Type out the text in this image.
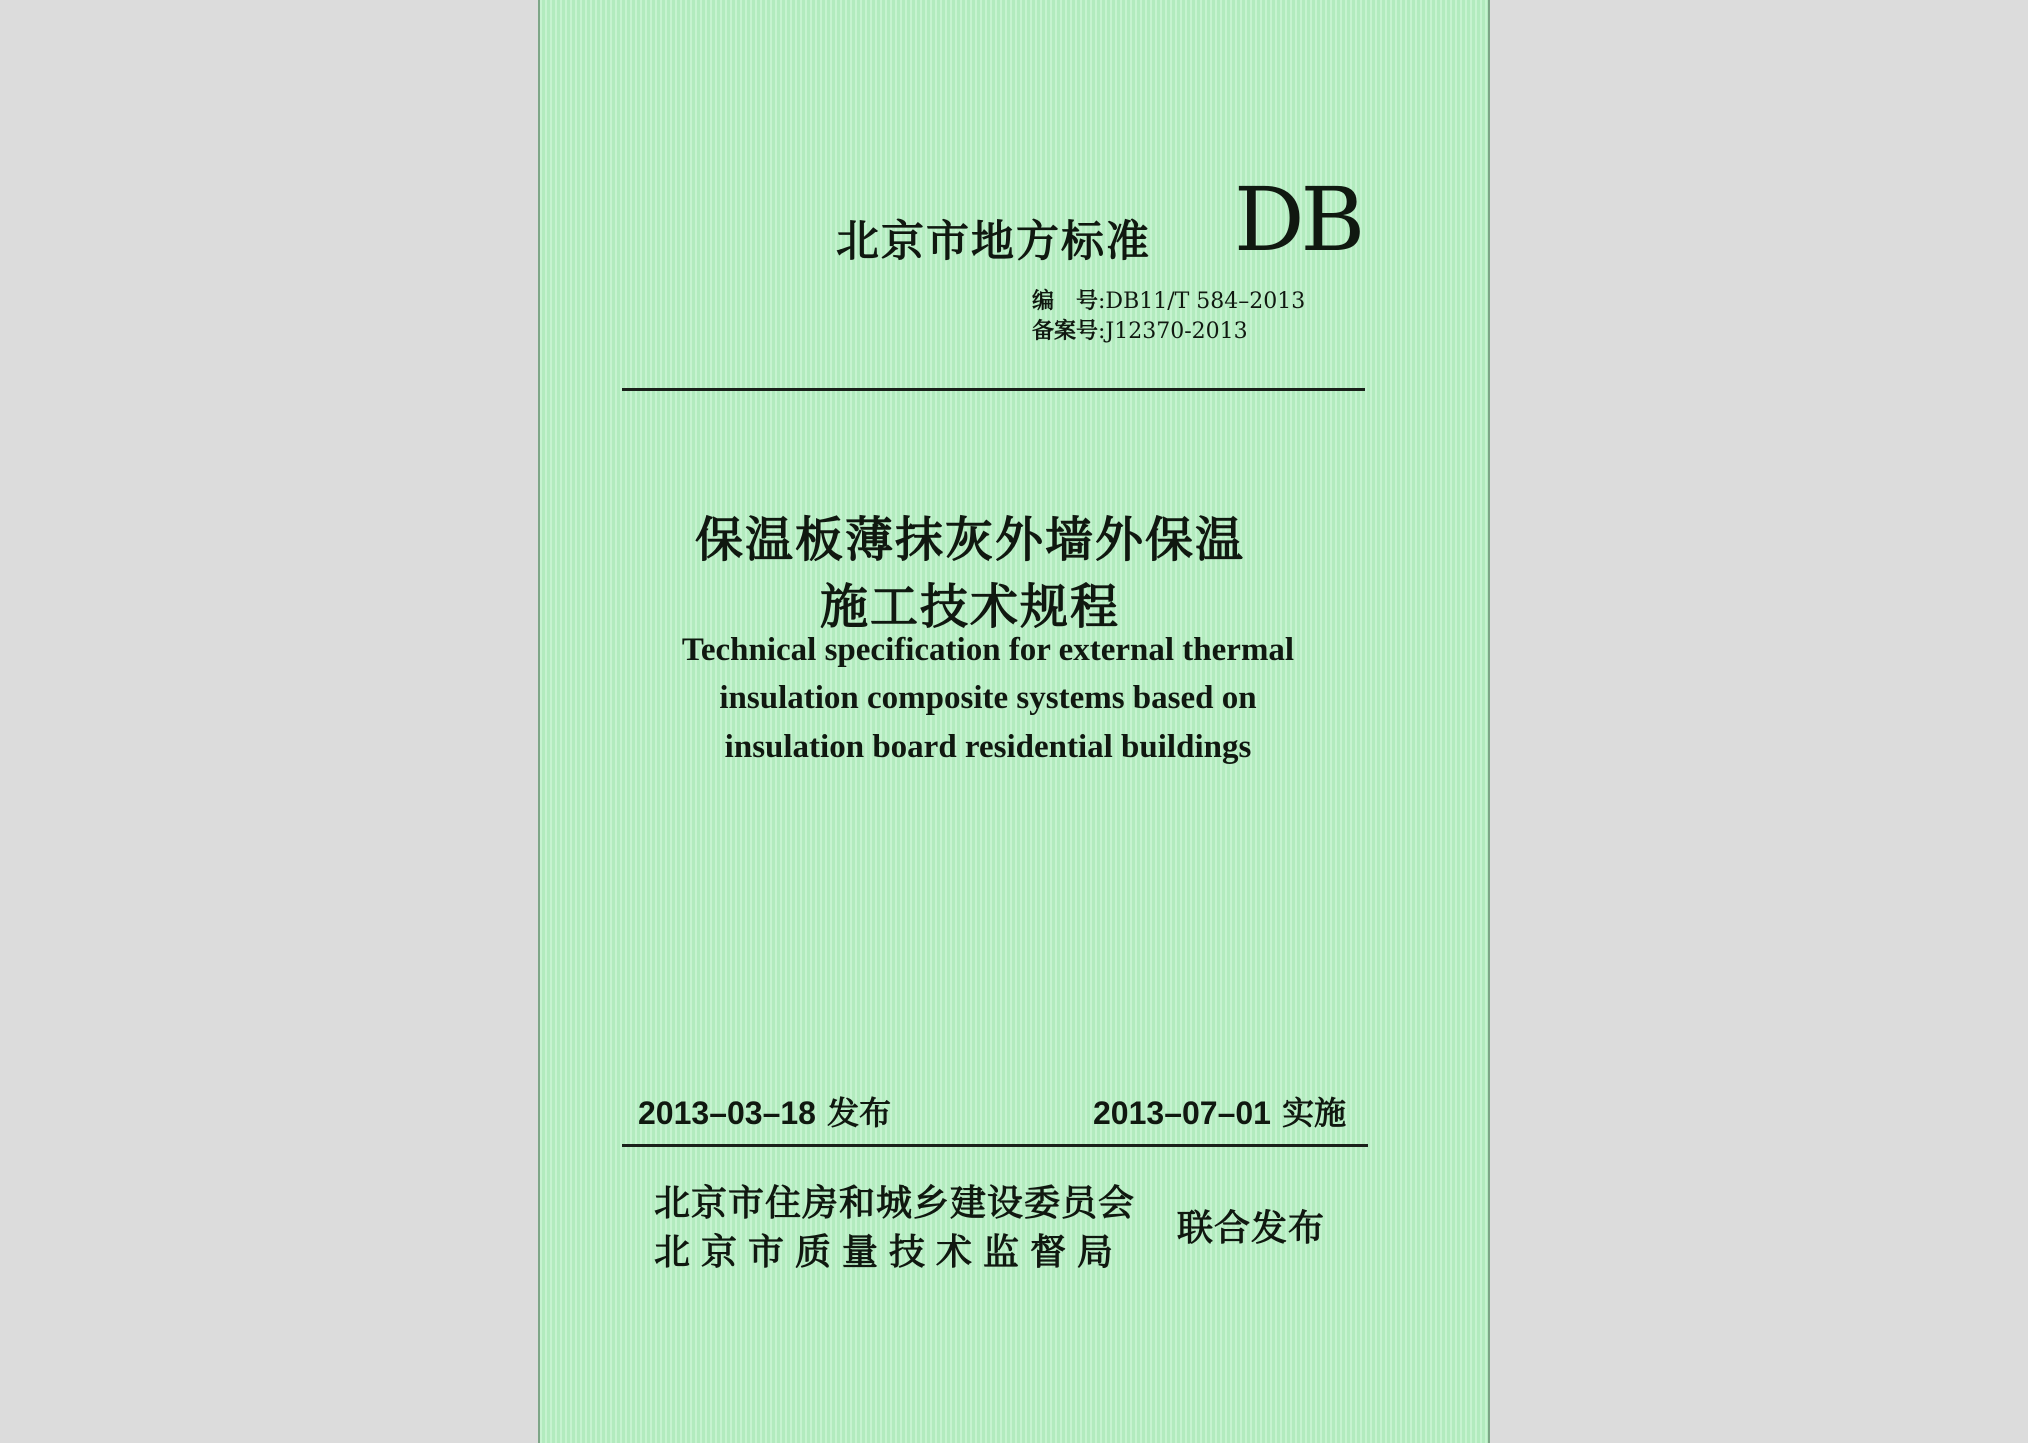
北京市地方标准 DB
编　号:DB11/T 584–2013
备案号:J12370-2013
保温板薄抹灰外墙外保温
施工技术规程
Technical specification for external thermal
insulation composite systems based on
insulation board residential buildings
2013–03–18 发布	2013–07–01 实施
北京市住房和城乡建设委员会
北京市质量技术监督局
联合发布
